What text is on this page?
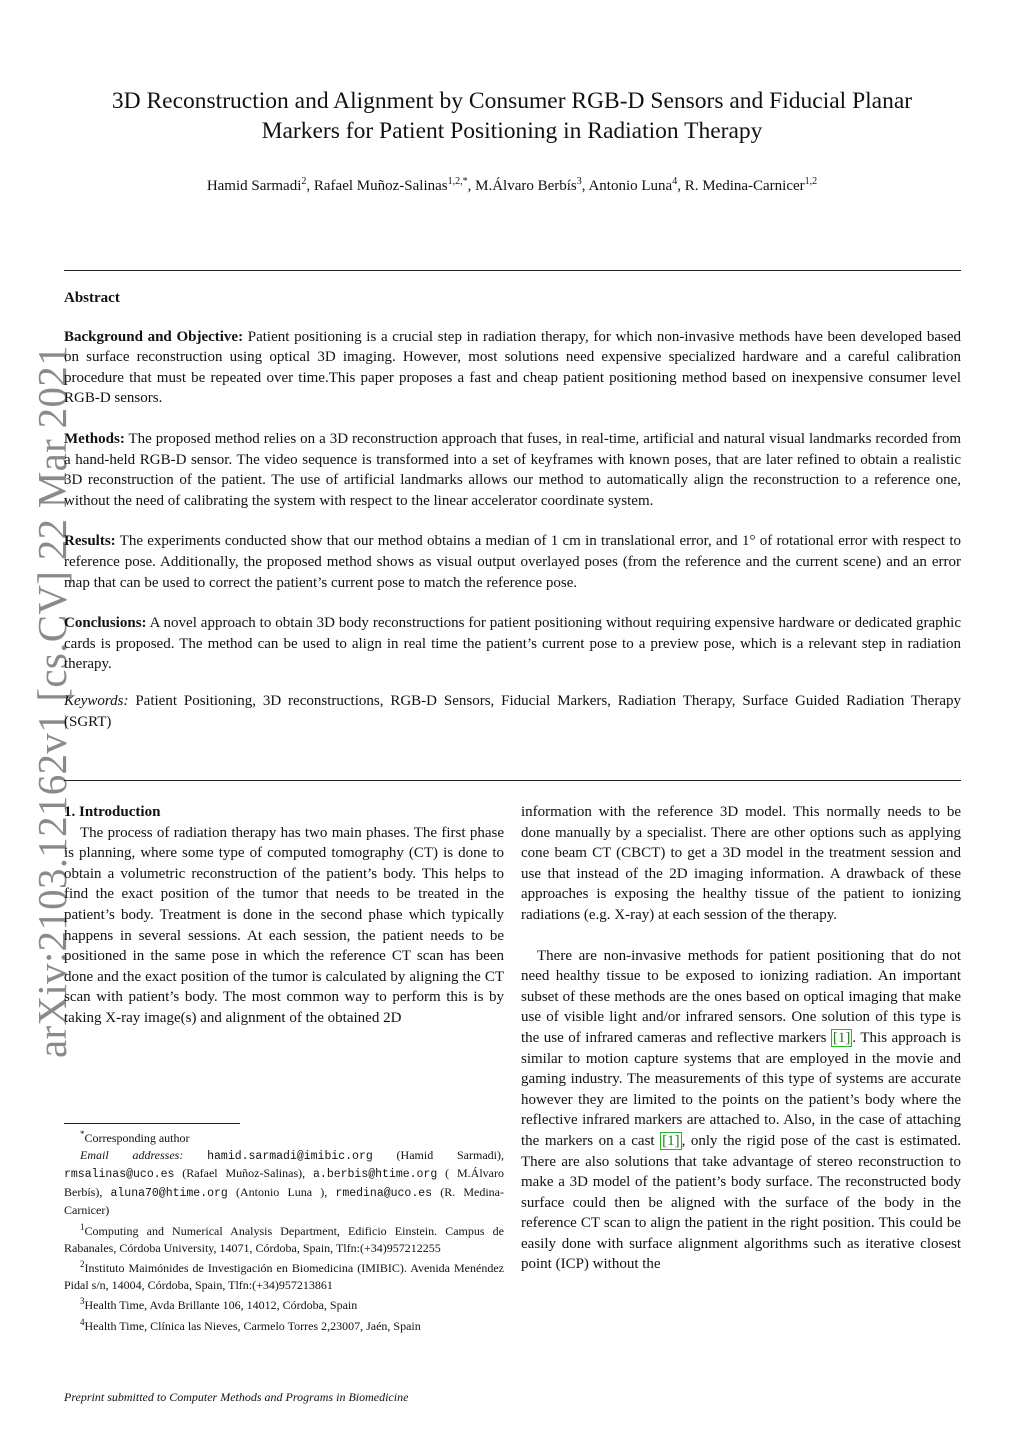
arXiv:2103.12162v1 [cs.CV] 22 Mar 2021
3D Reconstruction and Alignment by Consumer RGB-D Sensors and Fiducial Planar
Markers for Patient Positioning in Radiation Therapy
Hamid Sarmadi$^2$, Rafael Muñoz-Salinas$^{1,2,*}$, M.Álvaro Berbís$^3$, Antonio Luna$^4$, R. Medina-Carnicer$^{1,2}$
Abstract

Background and Objective: Patient positioning is a crucial step in radiation therapy, for which non-invasive methods have been developed based on surface reconstruction using optical 3D imaging. However, most solutions need expensive specialized hardware and a careful calibration procedure that must be repeated over time.This paper proposes a fast and cheap patient positioning method based on inexpensive consumer level RGB-D sensors.

Methods: The proposed method relies on a 3D reconstruction approach that fuses, in real-time, artificial and natural visual landmarks recorded from a hand-held RGB-D sensor. The video sequence is transformed into a set of keyframes with known poses, that are later refined to obtain a realistic 3D reconstruction of the patient. The use of artificial landmarks allows our method to automatically align the reconstruction to a reference one, without the need of calibrating the system with respect to the linear accelerator coordinate system.

Results: The experiments conducted show that our method obtains a median of 1 cm in translational error, and 1° of rotational error with respect to reference pose. Additionally, the proposed method shows as visual output overlayed poses (from the reference and the current scene) and an error map that can be used to correct the patient’s current pose to match the reference pose.

Conclusions: A novel approach to obtain 3D body reconstructions for patient positioning without requiring expensive hardware or dedicated graphic cards is proposed. The method can be used to align in real time the patient’s current pose to a preview pose, which is a relevant step in radiation therapy.

Keywords: Patient Positioning, 3D reconstructions, RGB-D Sensors, Fiducial Markers, Radiation Therapy, Surface Guided Radiation Therapy (SGRT)

1. Introduction

The process of radiation therapy has two main phases. The first phase is planning, where some type of computed tomography (CT) is done to obtain a volumetric reconstruction of the patient’s body. This helps to find the exact position of the tumor that needs to be treated in the patient’s body. Treatment is done in the second phase which typically happens in several sessions. At each session, the patient needs to be positioned in the same pose in which the reference CT scan has been done and the exact position of the tumor is calculated by aligning the CT scan with patient’s body. The most common way to perform this is by taking X-ray image(s) and alignment of the obtained 2D

information with the reference 3D model. This normally needs to be done manually by a specialist. There are other options such as applying cone beam CT (CBCT) to get a 3D model in the treatment session and use that instead of the 2D imaging information. A drawback of these approaches is exposing the healthy tissue of the patient to ionizing radiations (e.g. X-ray) at each session of the therapy.

There are non-invasive methods for patient positioning that do not need healthy tissue to be exposed to ionizing radiation. An important subset of these methods are the ones based on optical imaging that make use of visible light and/or infrared sensors. One solution of this type is the use of infrared cameras and reflective markers [1] . This approach is similar to motion capture systems that are employed in the movie and gaming industry. The measurements of this type of systems are accurate however they are limited to the points on the patient’s body where the reflective infrared markers are attached to. Also, in the case of attaching the markers on a cast [1] , only the rigid pose of the cast is estimated. There are also solutions that take advantage of stereo reconstruction to make a 3D model of the patient’s body surface. The reconstructed body surface could then be aligned with the surface of the body in the reference CT scan to align the patient in the right position. This could be easily done with surface alignment algorithms such as iterative closest point (ICP) without the

*Corresponding author

Email addresses: hamid.sarmadi@imibic.org (Hamid Sarmadi), rmsalinas@uco.es (Rafael Muñoz-Salinas), a.berbis@htime.org ( M.Álvaro Berbís), aluna70@htime.org (Antonio Luna ), rmedina@uco.es (R. Medina-Carnicer)

$^1$Computing and Numerical Analysis Department, Edificio Einstein. Campus de Rabanales, Córdoba University, 14071, Córdoba, Spain, Tlfn:(+34)957212255

$^2$Instituto Maimónides de Investigación en Biomedicina (IMIBIC). Avenida Menéndez Pidal s/n, 14004, Córdoba, Spain, Tlfn:(+34)957213861

$^3$Health Time, Avda Brillante 106, 14012, Córdoba, Spain

$^4$Health Time, Clínica las Nieves, Carmelo Torres 2,23007, Jaén, Spain

Preprint submitted to Computer Methods and Programs in Biomedicine
